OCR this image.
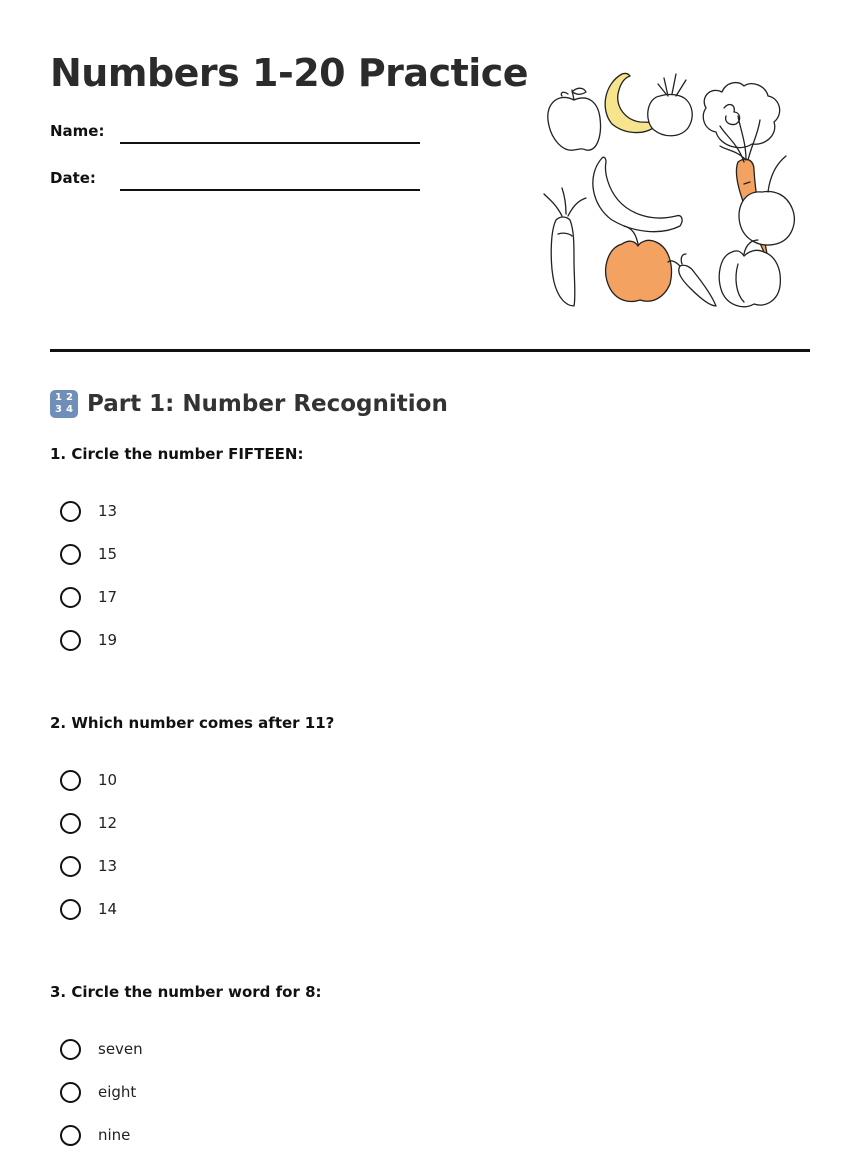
Numbers 1-20 Practice
Name:
Date:
1 2
3 4 Part 1: Number Recognition

1. Circle the number FIFTEEN:

13
15
17
19

2. Which number comes after 11?

10
12
13
14

3. Circle the number word for 8:

seven
eight
nine
